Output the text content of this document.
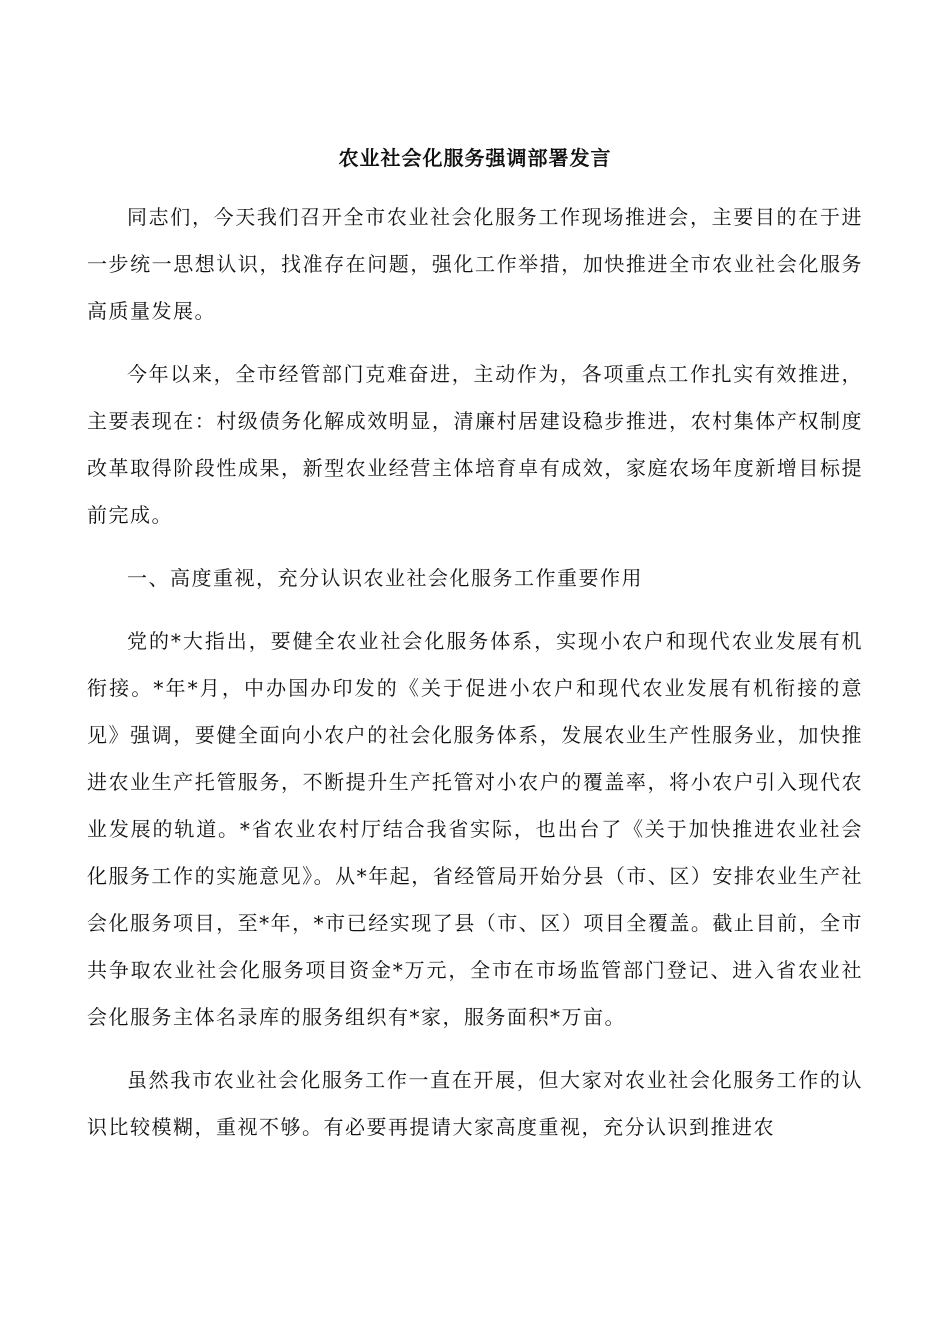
农业社会化服务强调部署发言

同志们，今天我们召开全市农业社会化服务工作现场推进会，主要目的在于进一步统一思想认识，找准存在问题，强化工作举措，加快推进全市农业社会化服务高质量发展。

今年以来，全市经管部门克难奋进，主动作为，各项重点工作扎实有效推进，主要表现在：村级债务化解成效明显，清廉村居建设稳步推进，农村集体产权制度改革取得阶段性成果，新型农业经营主体培育卓有成效，家庭农场年度新增目标提前完成。

一、高度重视，充分认识农业社会化服务工作重要作用

党的*大指出，要健全农业社会化服务体系，实现小农户和现代农业发展有机衔接。*年*月，中办国办印发的《关于促进小农户和现代农业发展有机衔接的意见》强调，要健全面向小农户的社会化服务体系，发展农业生产性服务业，加快推进农业生产托管服务，不断提升生产托管对小农户的覆盖率，将小农户引入现代农业发展的轨道。*省农业农村厅结合我省实际，也出台了《关于加快推进农业社会化服务工作的实施意见》。从*年起，省经管局开始分县（市、区）安排农业生产社会化服务项目，至*年，*市已经实现了县（市、区）项目全覆盖。截止目前，全市共争取农业社会化服务项目资金*万元，全市在市场监管部门登记、进入省农业社会化服务主体名录库的服务组织有*家，服务面积*万亩。

虽然我市农业社会化服务工作一直在开展，但大家对农业社会化服务工作的认识比较模糊，重视不够。有必要再提请大家高度重视，充分认识到推进农
